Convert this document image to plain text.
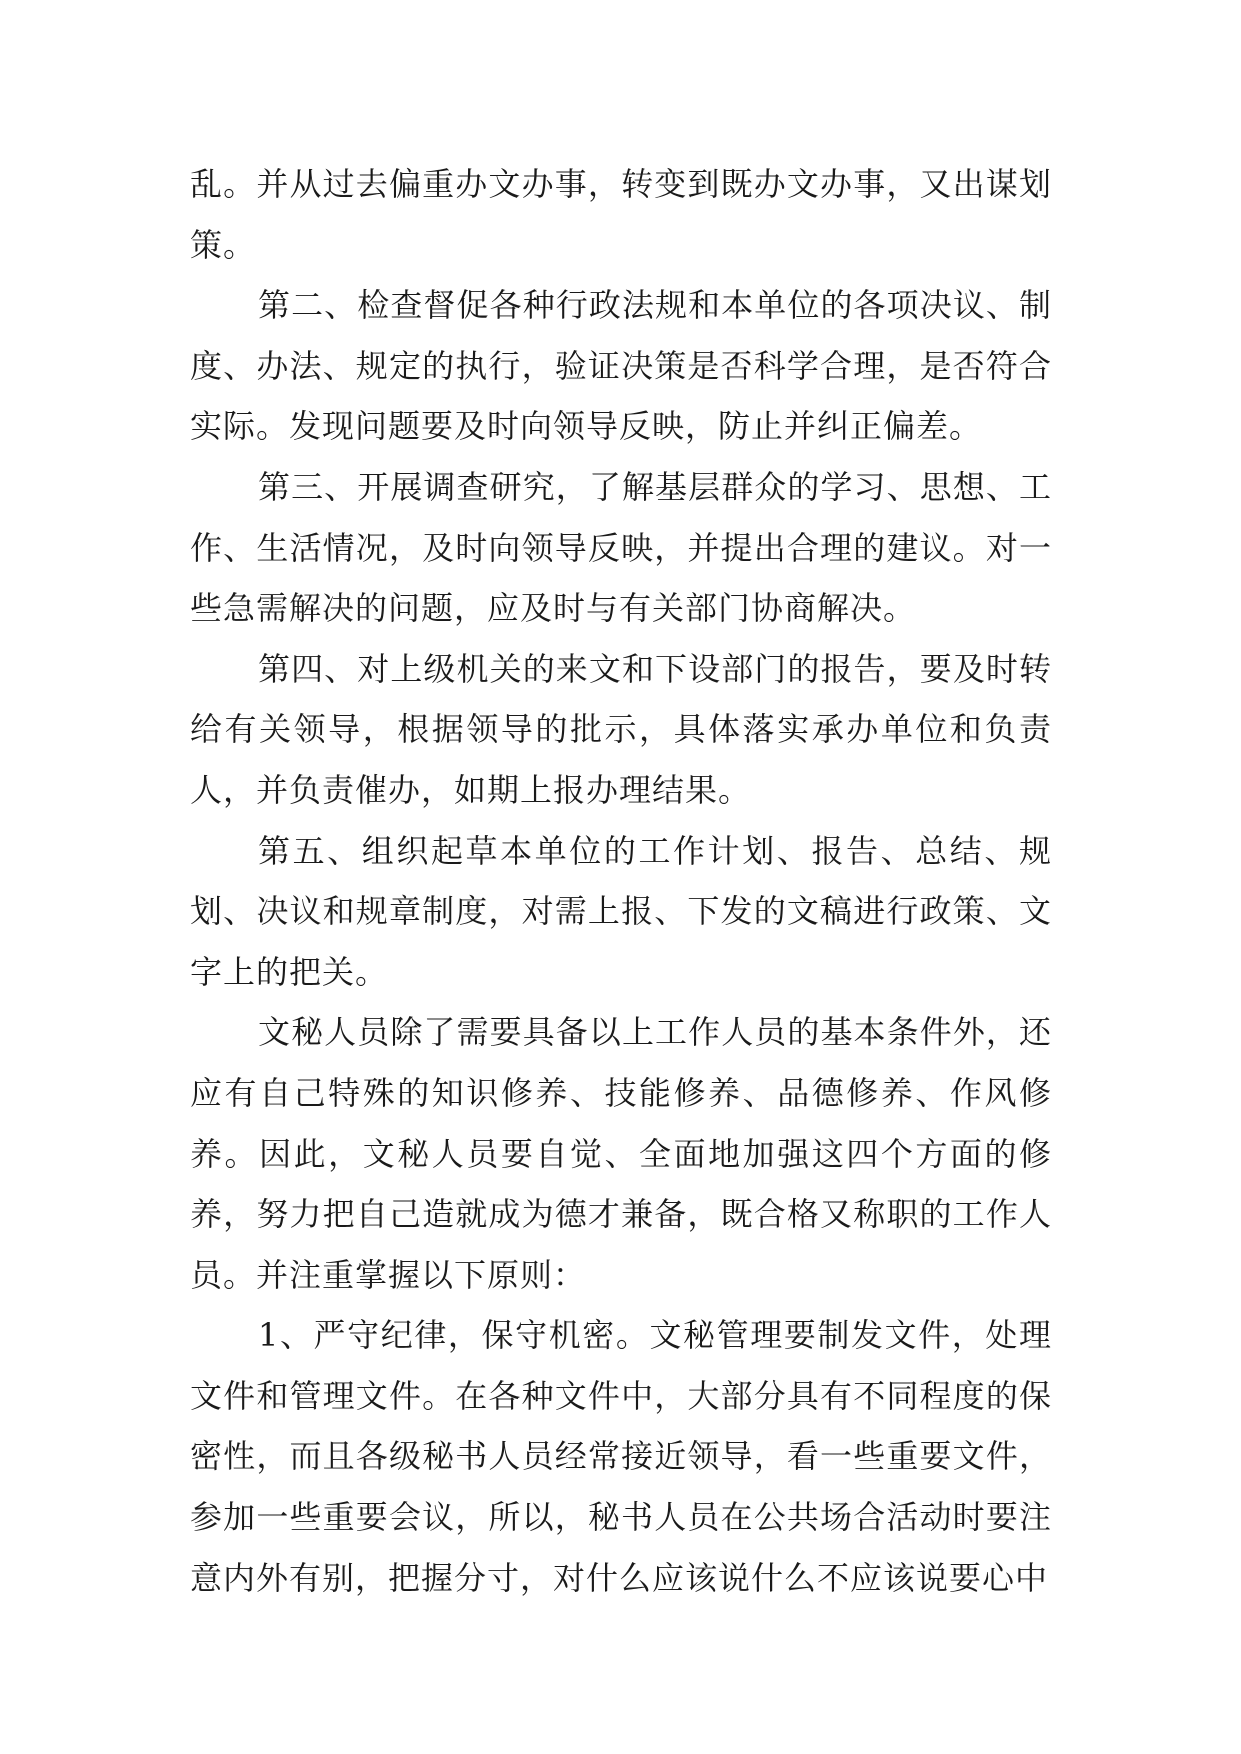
乱。并从过去偏重办文办事，转变到既办文办事，又出谋划策。

第二、检查督促各种行政法规和本单位的各项决议、制度、办法、规定的执行，验证决策是否科学合理，是否符合实际。发现问题要及时向领导反映，防止并纠正偏差。

第三、开展调查研究，了解基层群众的学习、思想、工作、生活情况，及时向领导反映，并提出合理的建议。对一些急需解决的问题，应及时与有关部门协商解决。

第四、对上级机关的来文和下设部门的报告，要及时转给有关领导，根据领导的批示，具体落实承办单位和负责人，并负责催办，如期上报办理结果。

第五、组织起草本单位的工作计划、报告、总结、规划、决议和规章制度，对需上报、下发的文稿进行政策、文字上的把关。

文秘人员除了需要具备以上工作人员的基本条件外，还应有自己特殊的知识修养、技能修养、品德修养、作风修养。因此，文秘人员要自觉、全面地加强这四个方面的修养，努力把自己造就成为德才兼备，既合格又称职的工作人员。并注重掌握以下原则：

1、严守纪律，保守机密。文秘管理要制发文件，处理文件和管理文件。在各种文件中，大部分具有不同程度的保密性，而且各级秘书人员经常接近领导，看一些重要文件，参加一些重要会议，所以，秘书人员在公共场合活动时要注意内外有别，把握分寸，对什么应该说什么不应该说要心中
